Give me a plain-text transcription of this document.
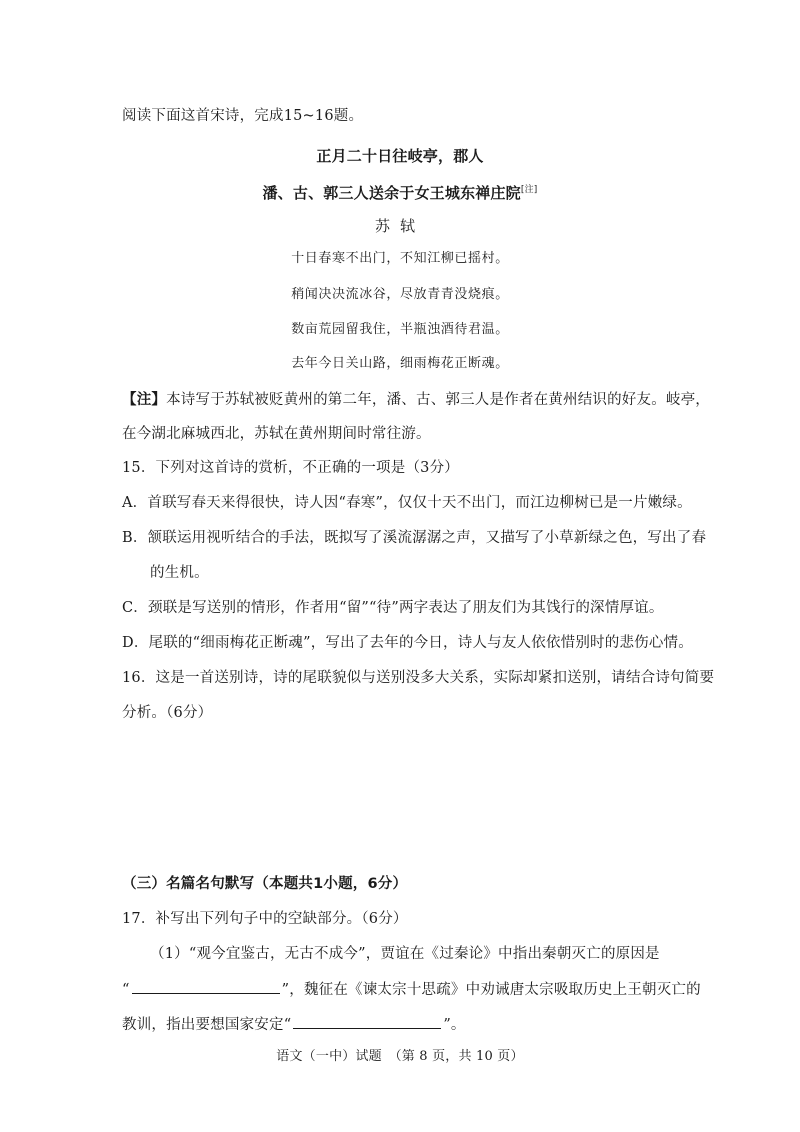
阅读下面这首宋诗，完成15~16题。
正月二十日往岐亭，郡人
潘、古、郭三人送余于女王城东禅庄院[注]
苏轼
十日春寒不出门，不知江柳已摇村。
稍闻决决流冰谷，尽放青青没烧痕。
数亩荒园留我住，半瓶浊酒待君温。
去年今日关山路，细雨梅花正断魂。
【注】本诗写于苏轼被贬黄州的第二年，潘、古、郭三人是作者在黄州结识的好友。岐亭，
在今湖北麻城西北，苏轼在黄州期间时常往游。
15．下列对这首诗的赏析，不正确的一项是（3分）
A．首联写春天来得很快，诗人因“春寒”，仅仅十天不出门，而江边柳树已是一片嫩绿。
B．颔联运用视听结合的手法，既拟写了溪流潺潺之声，又描写了小草新绿之色，写出了春
的生机。
C．颈联是写送别的情形，作者用“留”“待”两字表达了朋友们为其饯行的深情厚谊。
D．尾联的“细雨梅花正断魂”，写出了去年的今日，诗人与友人依依惜别时的悲伤心情。
16．这是一首送别诗，诗的尾联貌似与送别没多大关系，实际却紧扣送别，请结合诗句简要
分析。（6分）
（三）名篇名句默写（本题共1小题，6分）
17．补写出下列句子中的空缺部分。（6分）
（1）“观今宜鉴古，无古不成今”，贾谊在《过秦论》中指出秦朝灭亡的原因是
“	”，魏征在《谏太宗十思疏》中劝诫唐太宗吸取历史上王朝灭亡的
教训，指出要想国家安定“	”。
语文（一中）试题　（第 8 页，共 10 页）
